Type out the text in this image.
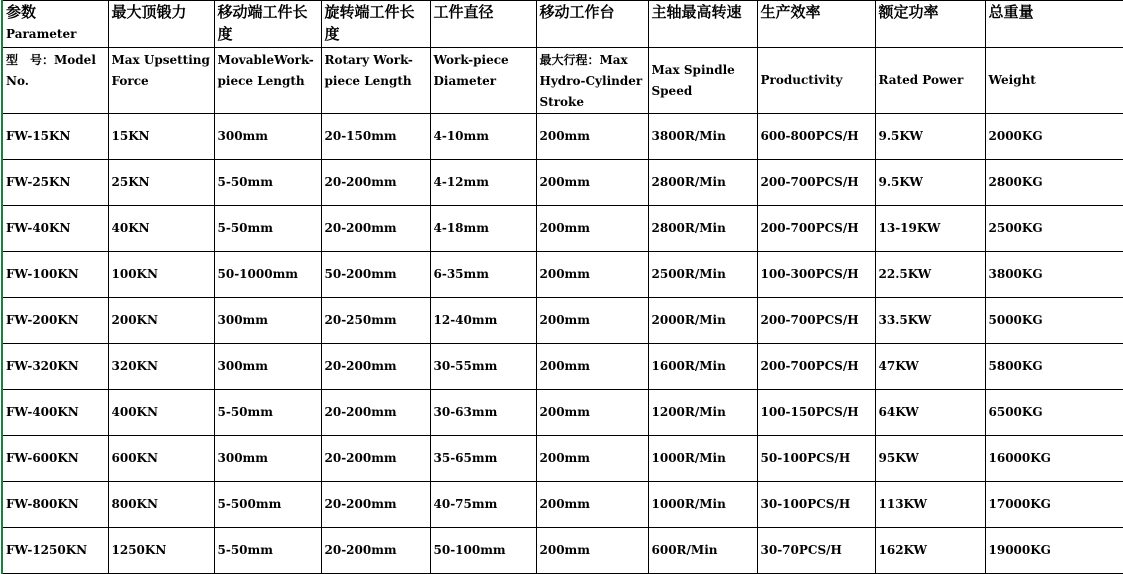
参数Parameter	最大顶锻力	移动端工件长度	旋转端工件长度	工件直径	移动工作台	主轴最高转速	生产效率	额定功率	总重量
型　号：Model No.	Max Upsetting Force	MovableWork-piece Length	Rotary Work-piece Length	Work-piece Diameter	最大行程：Max Hydro-Cylinder Stroke	Max Spindle Speed	Productivity	Rated Power	Weight
FW-15KN	15KN	300mm	20-150mm	4-10mm	200mm	3800R/Min	600-800PCS/H	9.5KW	2000KG
FW-25KN	25KN	5-50mm	20-200mm	4-12mm	200mm	2800R/Min	200-700PCS/H	9.5KW	2800KG
FW-40KN	40KN	5-50mm	20-200mm	4-18mm	200mm	2800R/Min	200-700PCS/H	13-19KW	2500KG
FW-100KN	100KN	50-1000mm	50-200mm	6-35mm	200mm	2500R/Min	100-300PCS/H	22.5KW	3800KG
FW-200KN	200KN	300mm	20-250mm	12-40mm	200mm	2000R/Min	200-700PCS/H	33.5KW	5000KG
FW-320KN	320KN	300mm	20-200mm	30-55mm	200mm	1600R/Min	200-700PCS/H	47KW	5800KG
FW-400KN	400KN	5-50mm	20-200mm	30-63mm	200mm	1200R/Min	100-150PCS/H	64KW	6500KG
FW-600KN	600KN	300mm	20-200mm	35-65mm	200mm	1000R/Min	50-100PCS/H	95KW	16000KG
FW-800KN	800KN	5-500mm	20-200mm	40-75mm	200mm	1000R/Min	30-100PCS/H	113KW	17000KG
FW-1250KN	1250KN	5-50mm	20-200mm	50-100mm	200mm	600R/Min	30-70PCS/H	162KW	19000KG
